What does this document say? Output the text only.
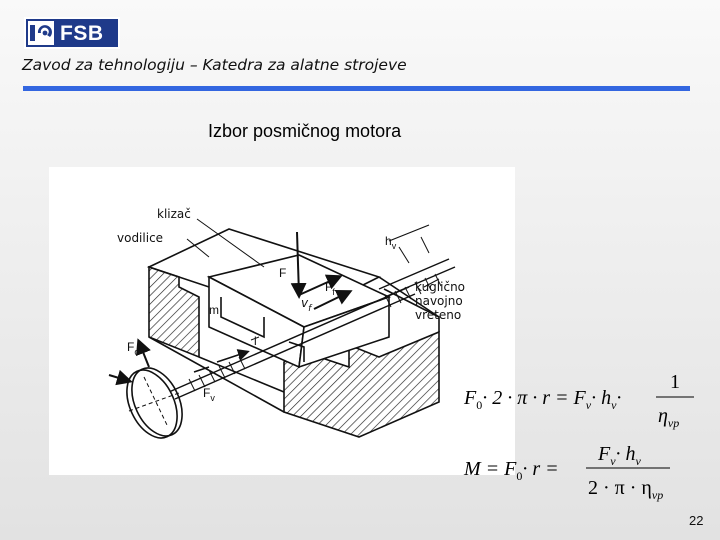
FSB
Zavod za tehnologiju – Katedra za alatne strojeve
Izbor posmičnog motora
klizač
vodilice	$h_v$
F
$F_f$
$v_f$
m
l
$F_o$
$F_v$
kuglično
navojno
vreteno
$F_0\cdot 2 \cdot \pi \cdot r = F_v\cdot h_v\cdot$
1
$\eta_{vp}$
$M = F_0\cdot r$ =
$F_v\cdot h_v$
$2 \cdot \pi \cdot \eta_{vp}$
22
